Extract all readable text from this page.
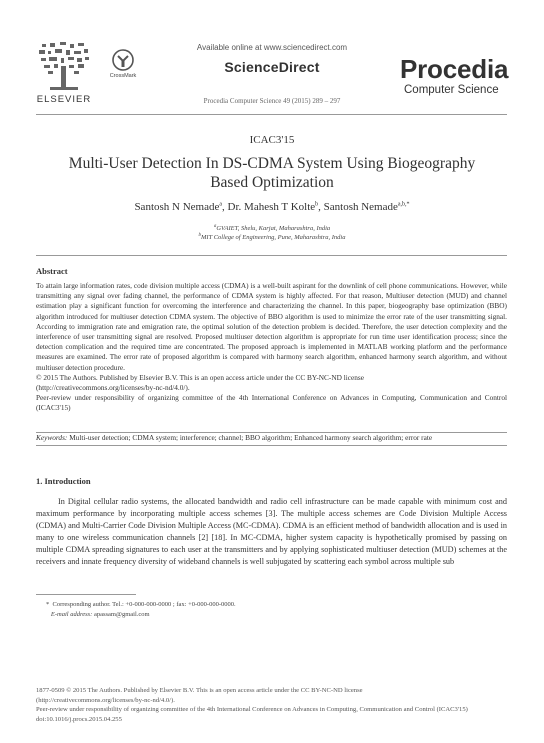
ELSEVIER
Available online at www.sciencedirect.com
CrossMark
ScienceDirect
Procedia Computer Science 49 (2015) 289 – 297
Procedia
Computer Science
ICAC3'15
Multi-User Detection In DS-CDMA System Using Biogeography
Based Optimization
Santosh N Nemade$^a$, Dr. Mahesh T Kolte$^b$, Santosh Nemade$^{a,b,*}$
$^a$GVAIET, Shelu, Karjat, Maharashtra, India
$^b$MIT College of Engineering, Pune, Maharashtra, India
Abstract

To attain large information rates, code division multiple access (CDMA) is a well-built aspirant for the downlink of cell phone communications. However, while transmitting any signal over fading channel, the performance of CDMA system is highly affected. For that reason, Multiuser detection (MUD) and channel estimation play a significant function for overcoming the interference and characterizing the channel. In this paper, biogeography base optimization (BBO) algorithm introduced for multiuser detection CDMA system. The objective of BBO algorithm is used to minimize the error rate of the user transmitting signal. According to immigration rate and emigration rate, the optimal solution of the detection problem is decided. Therefore, the user detection complexity and the interference of user transmitting signal are resolved. Proposed multiuser detection algorithm is appropriate for run time user identification process; since the detection complication and the required time are concentrated. The proposed approach is implemented in MATLAB working platform and the performance measures are examined. The error rate of proposed algorithm is compared with harmony search algorithm, enhanced harmony search algorithm, and without multiuser detection procedure.

© 2015 The Authors. Published by Elsevier B.V. This is an open access article under the CC BY-NC-ND license

(http://creativecommons.org/licenses/by-nc-nd/4.0/).

Peer-review under responsibility of organizing committee of the 4th International Conference on Advances in Computing, Communication and Control (ICAC3'15)

Keywords: Multi-user detection; CDMA system; interference; channel; BBO algorithm; Enhanced harmony search algorithm; error rate
1. Introduction
In Digital cellular radio systems, the allocated bandwidth and radio cell infrastructure can be made capable with minimum cost and maximum performance by incorporating multiple access schemes [3]. The multiple access schemes are Code Division Multiple Access (CDMA) and Multi-Carrier Code Division Multiple Access (MC-CDMA). CDMA is an efficient method of bandwidth allocation and is used in many to one wireless communication channels [2] [18]. In MC-CDMA, higher system capacity is hypothetically promised by passing on multiple CDMA spreading signatures to each user at the transmitters and by applying sophisticated multiuser detection (MUD) schemes at the receivers and innate frequency diversity of wideband channels is well subjugated by scattering each symbol across multiple sub
* Corresponding author. Tel.: +0-000-000-0000 ; fax: +0-000-000-0000.
E-mail address: apassam@gmail.com

1877-0509 © 2015 The Authors. Published by Elsevier B.V. This is an open access article under the CC BY-NC-ND license

(http://creativecommons.org/licenses/by-nc-nd/4.0/).

Peer-review under responsibility of organizing committee of the 4th International Conference on Advances in Computing, Communication and Control (ICAC3'15)

doi:10.1016/j.procs.2015.04.255
